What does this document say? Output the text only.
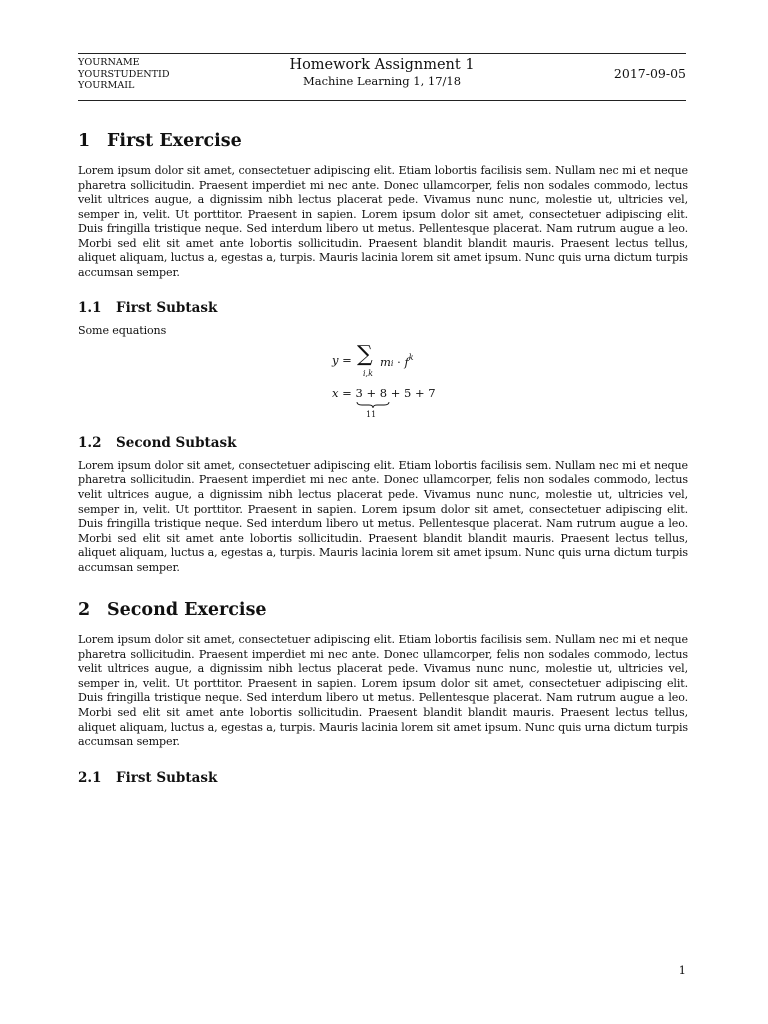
YOURNAME
YOURSTUDENTID
YOURMAIL
Homework Assignment 1
Machine Learning 1, 17/18	2017-09-05
1 First Exercise

Lorem ipsum dolor sit amet, consectetuer adipiscing elit. Etiam lobortis facilisis sem. Nullam nec mi et neque pharetra sollicitudin. Praesent imperdiet mi nec ante. Donec ullamcorper, felis non sodales commodo, lectus velit ultrices augue, a dignissim nibh lectus placerat pede. Vivamus nunc nunc, molestie ut, ultricies vel, semper in, velit. Ut porttitor. Praesent in sapien. Lorem ipsum dolor sit amet, consectetuer adipiscing elit. Duis fringilla tristique neque. Sed interdum libero ut metus. Pellentesque placerat. Nam rutrum augue a leo. Morbi sed elit sit amet ante lobortis sollicitudin. Praesent blandit blandit mauris. Praesent lectus tellus, aliquet aliquam, luctus a, egestas a, turpis. Mauris lacinia lorem sit amet ipsum. Nunc quis urna dictum turpis accumsan semper.

1.1 First Subtask

Some equations

y = ∑
i,k
mi · $f^k$
x = 3 + 8 + 5 + 7
11
1.2 Second Subtask

Lorem ipsum dolor sit amet, consectetuer adipiscing elit. Etiam lobortis facilisis sem. Nullam nec mi et neque pharetra sollicitudin. Praesent imperdiet mi nec ante. Donec ullamcorper, felis non sodales commodo, lectus velit ultrices augue, a dignissim nibh lectus placerat pede. Vivamus nunc nunc, molestie ut, ultricies vel, semper in, velit. Ut porttitor. Praesent in sapien. Lorem ipsum dolor sit amet, consectetuer adipiscing elit. Duis fringilla tristique neque. Sed interdum libero ut metus. Pellentesque placerat. Nam rutrum augue a leo. Morbi sed elit sit amet ante lobortis sollicitudin. Praesent blandit blandit mauris. Praesent lectus tellus, aliquet aliquam, luctus a, egestas a, turpis. Mauris lacinia lorem sit amet ipsum. Nunc quis urna dictum turpis accumsan semper.

2 Second Exercise

Lorem ipsum dolor sit amet, consectetuer adipiscing elit. Etiam lobortis facilisis sem. Nullam nec mi et neque pharetra sollicitudin. Praesent imperdiet mi nec ante. Donec ullamcorper, felis non sodales commodo, lectus velit ultrices augue, a dignissim nibh lectus placerat pede. Vivamus nunc nunc, molestie ut, ultricies vel, semper in, velit. Ut porttitor. Praesent in sapien. Lorem ipsum dolor sit amet, consectetuer adipiscing elit. Duis fringilla tristique neque. Sed interdum libero ut metus. Pellentesque placerat. Nam rutrum augue a leo. Morbi sed elit sit amet ante lobortis sollicitudin. Praesent blandit blandit mauris. Praesent lectus tellus, aliquet aliquam, luctus a, egestas a, turpis. Mauris lacinia lorem sit amet ipsum. Nunc quis urna dictum turpis accumsan semper.

2.1 First Subtask
1
